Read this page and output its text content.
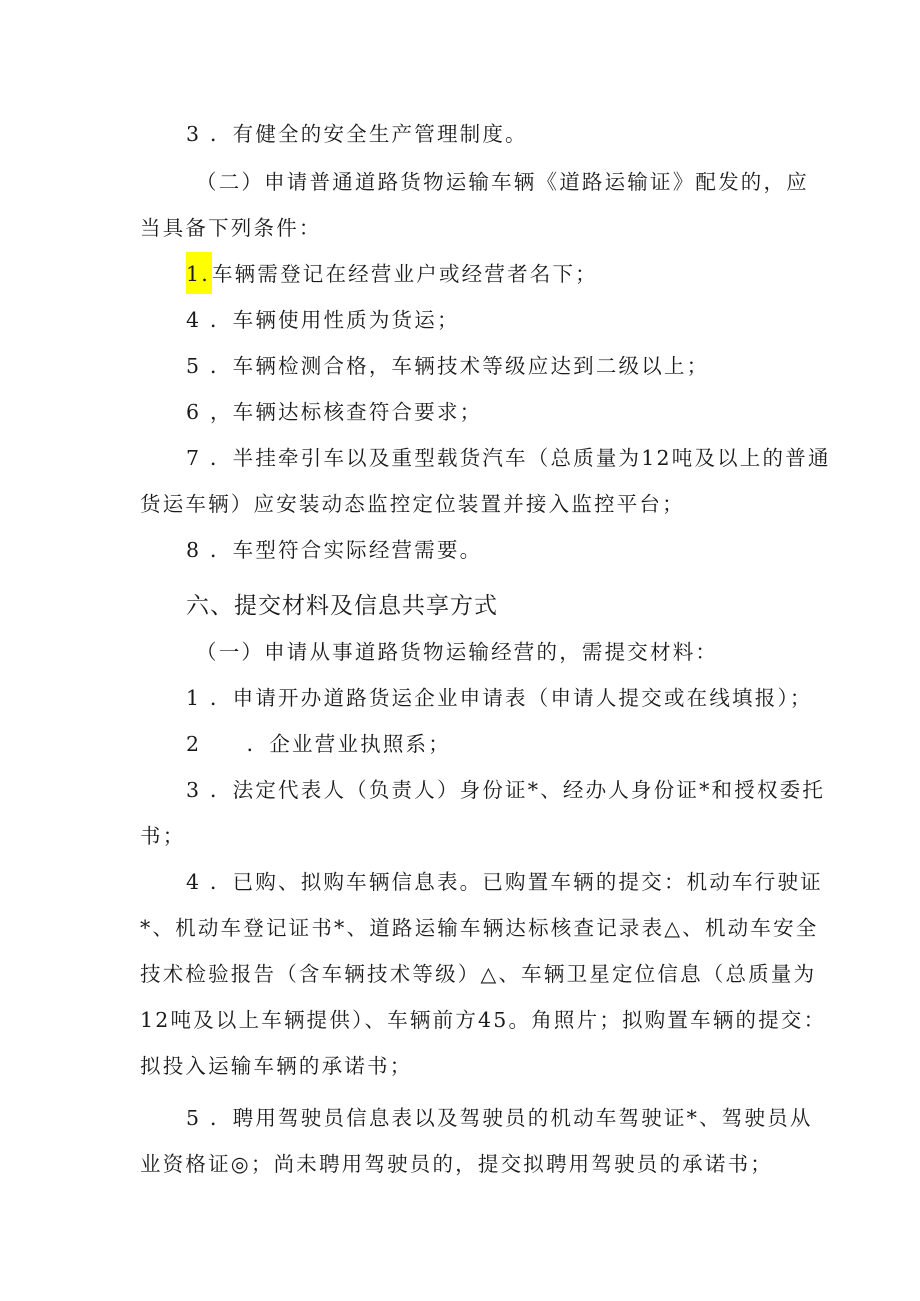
3 ．有健全的安全生产管理制度。
（二）申请普通道路货物运输车辆《道路运输证》配发的，应
当具备下列条件：
1.车辆需登记在经营业户或经营者名下；
4 ．车辆使用性质为货运；
5 ．车辆检测合格，车辆技术等级应达到二级以上；
6 ，车辆达标核查符合要求；
7 ．半挂牵引车以及重型载货汽车（总质量为12吨及以上的普通
货运车辆）应安装动态监控定位装置并接入监控平台；
8 ．车型符合实际经营需要。
六、提交材料及信息共享方式
（一）申请从事道路货物运输经营的，需提交材料：
1 ．申请开办道路货运企业申请表（申请人提交或在线填报）；
2　　．企业营业执照系；
3 ．法定代表人（负责人）身份证*、经办人身份证*和授权委托
书；
4 ．已购、拟购车辆信息表。已购置车辆的提交：机动车行驶证
*、机动车登记证书*、道路运输车辆达标核查记录表△、机动车安全
技术检验报告（含车辆技术等级）△、车辆卫星定位信息（总质量为
12吨及以上车辆提供）、车辆前方45。角照片；拟购置车辆的提交：
拟投入运输车辆的承诺书；
5 ．聘用驾驶员信息表以及驾驶员的机动车驾驶证*、驾驶员从
业资格证◎；尚未聘用驾驶员的，提交拟聘用驾驶员的承诺书；
